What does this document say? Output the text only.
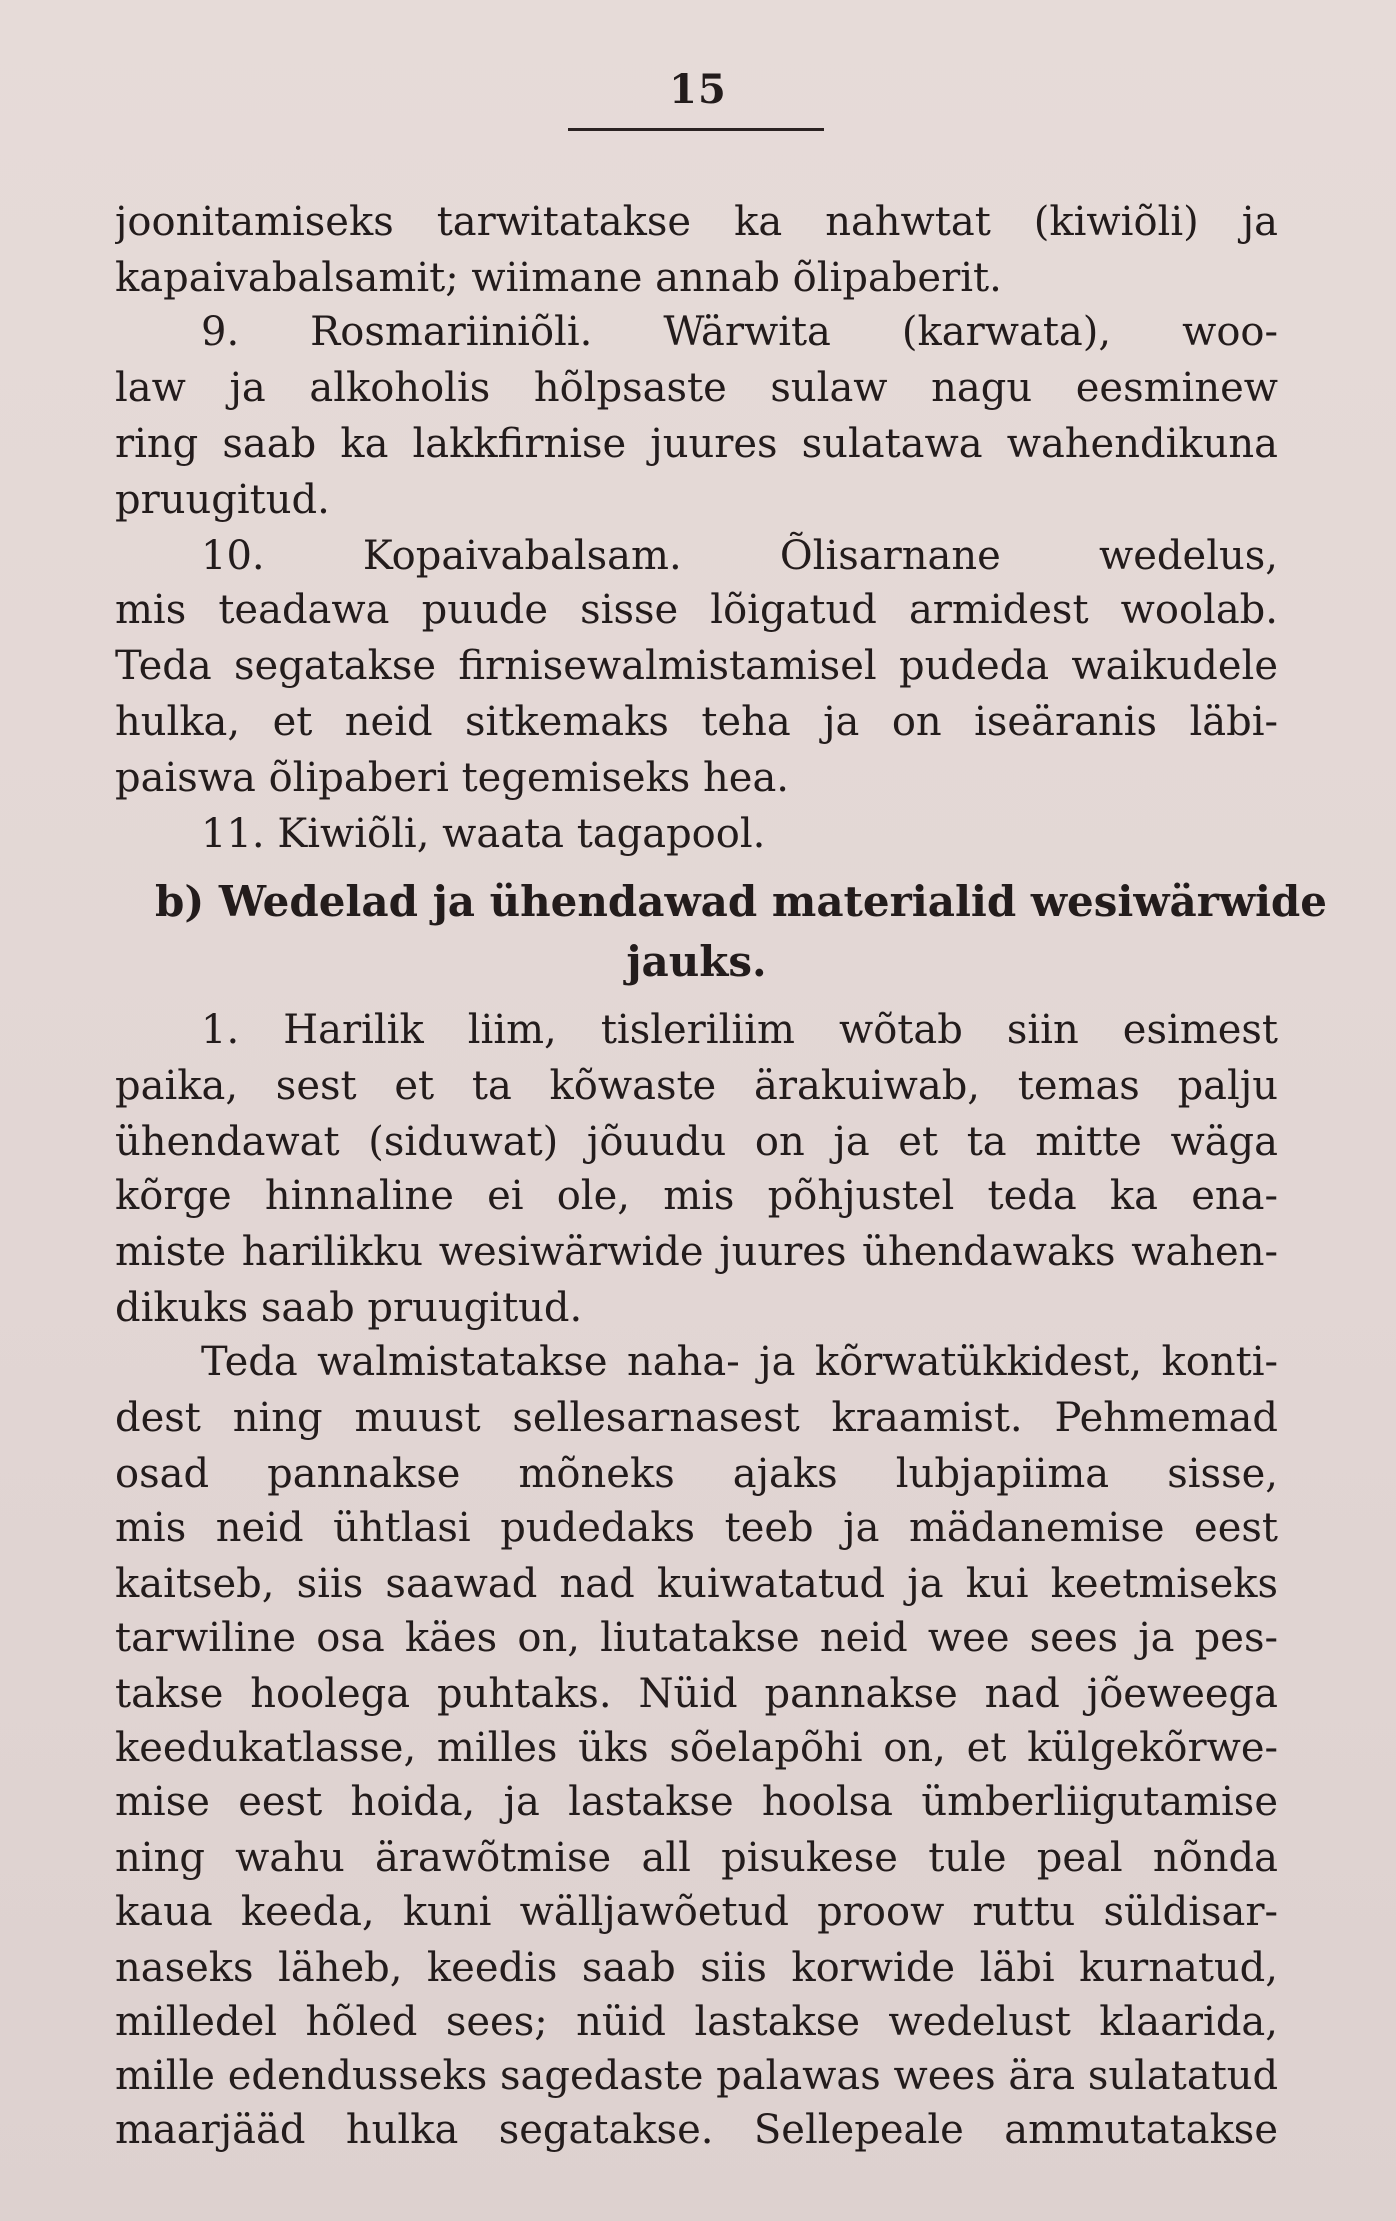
15
joonitamiseks tarwitatakse ka nahwtat (kiwiõli) ja
kapaivabalsamit; wiimane annab õlipaberit.
9. Rosmariiniõli. Wärwita (karwata), woo-
law ja alkoholis hõlpsaste sulaw nagu eesminew
ring saab ka lakkfirnise juures sulatawa wahendikuna
pruugitud.
10. Kopaivabalsam. Õlisarnane wedelus,
mis teadawa puude sisse lõigatud armidest woolab.
Teda segatakse firnisewalmistamisel pudeda waikudele
hulka, et neid sitkemaks teha ja on iseäranis läbi-
paiswa õlipaberi tegemiseks hea.
11. Kiwiõli, waata tagapool.
b) Wedelad ja ühendawad materialid wesiwärwide
jauks.
1. Harilik liim, tisleriliim wõtab siin esimest
paika, sest et ta kõwaste ärakuiwab, temas palju
ühendawat (siduwat) jõuudu on ja et ta mitte wäga
kõrge hinnaline ei ole, mis põhjustel teda ka ena-
miste harilikku wesiwärwide juures ühendawaks wahen-
dikuks saab pruugitud.
Teda walmistatakse naha- ja kõrwatükkidest, konti-
dest ning muust sellesarnasest kraamist. Pehmemad
osad pannakse mõneks ajaks lubjapiima sisse,
mis neid ühtlasi pudedaks teeb ja mädanemise eest
kaitseb, siis saawad nad kuiwatatud ja kui keetmiseks
tarwiline osa käes on, liutatakse neid wee sees ja pes-
takse hoolega puhtaks. Nüid pannakse nad jõeweega
keedukatlasse, milles üks sõelapõhi on, et külgekõrwe-
mise eest hoida, ja lastakse hoolsa ümberliigutamise
ning wahu ärawõtmise all pisukese tule peal nõnda
kaua keeda, kuni wälljawõetud proow ruttu süldisar-
naseks läheb, keedis saab siis korwide läbi kurnatud,
milledel hõled sees; nüid lastakse wedelust klaarida,
mille edendusseks sagedaste palawas wees ära sulatatud
maarjääd hulka segatakse. Sellepeale ammutatakse
